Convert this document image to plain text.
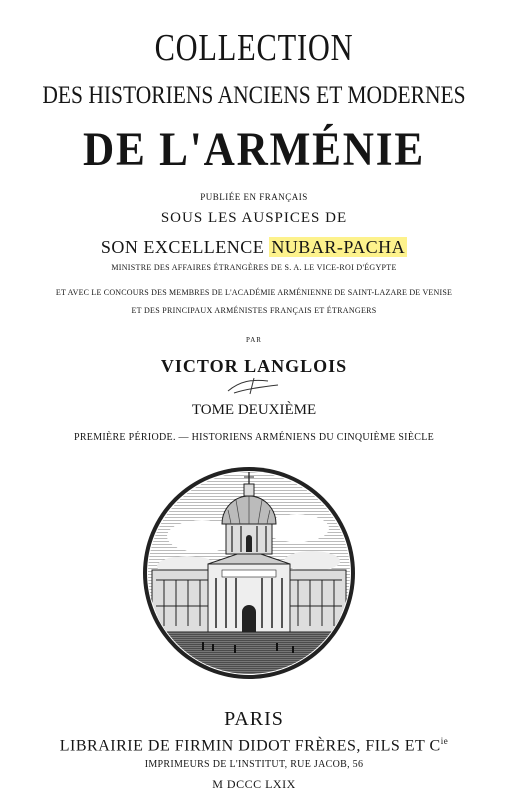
COLLECTION
DES HISTORIENS ANCIENS ET MODERNES
DE L'ARMÉNIE
PUBLIÉE EN FRANÇAIS
SOUS LES AUSPICES DE
SON EXCELLENCE NUBAR-PACHA
MINISTRE DES AFFAIRES ÉTRANGÈRES DE S. A. LE VICE-ROI D'ÉGYPTE
ET AVEC LE CONCOURS DES MEMBRES DE L'ACADÉMIE ARMÉNIENNE DE SAINT-LAZARE DE VENISE
ET DES PRINCIPAUX ARMÉNISTES FRANÇAIS ET ÉTRANGERS
PAR
VICTOR LANGLOIS
TOME DEUXIÈME
PREMIÈRE PÉRIODE. — HISTORIENS ARMÉNIENS DU CINQUIÈME SIÈCLE
PARIS
LIBRAIRIE DE FIRMIN DIDOT FRÈRES, FILS ET $C^{ie}$
IMPRIMEURS DE L'INSTITUT, RUE JACOB, 56
M DCCC LXIX
